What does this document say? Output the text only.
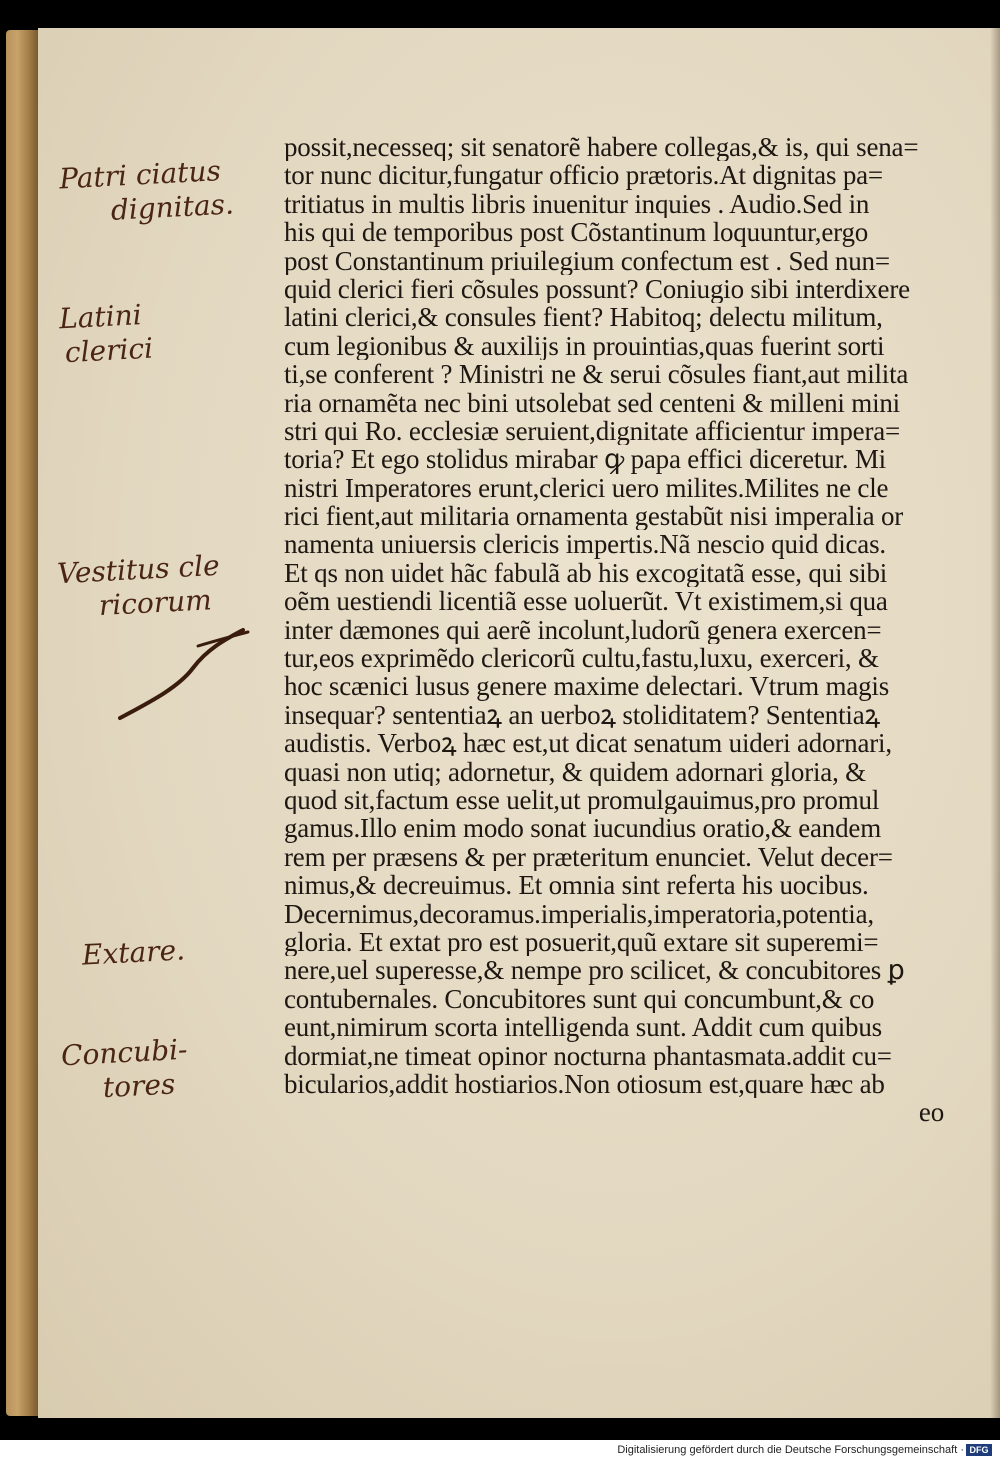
possit,necesseq; sit senatorẽ habere collegas,& is, qui sena=
tor nunc dicitur,fungatur officio prætoris.At dignitas pa=
tritiatus in multis libris inuenitur inquies . Audio.Sed in
his qui de temporibus post Cõstantinum loquuntur,ergo
post Constantinum priuilegium confectum est . Sed nun=
quid clerici fieri cõsules possunt? Coniugio sibi interdixere
latini clerici,& consules fient? Habitoq; delectu militum,
cum legionibus & auxilijs in prouintias,quas fuerint sorti
ti,se conferent ? Ministri ne & serui cõsules fiant,aut milita
ria ornamẽta nec bini utsolebat sed centeni & milleni mini
stri qui Ro. ecclesiæ seruient,dignitate afficientur impera=
toria? Et ego stolidus mirabar ꝙ papa effici diceretur. Mi
nistri Imperatores erunt,clerici uero milites.Milites ne cle
rici fient,aut militaria ornamenta gestabũt nisi imperalia or
namenta uniuersis clericis impertis.Nã nescio quid dicas.
Et qs non uidet hãc fabulã ab his excogitatã esse, qui sibi
oẽm uestiendi licentiã esse uoluerũt. Vt existimem,si qua
inter dæmones qui aerẽ incolunt,ludorũ genera exercen=
tur,eos exprimẽdo clericorũ cultu,fastu,luxu, exerceri, &
hoc scænici lusus genere maxime delectari. Vtrum magis
insequar? sententiaꝝ an uerboꝝ stoliditatem? Sententiaꝝ
audistis. Verboꝝ hæc est,ut dicat senatum uideri adornari,
quasi non utiq; adornetur, & quidem adornari gloria, &
quod sit,factum esse uelit,ut promulgauimus,pro promul
gamus.Illo enim modo sonat iucundius oratio,& eandem
rem per præsens & per præteritum enunciet. Velut decer=
nimus,& decreuimus. Et omnia sint referta his uocibus.
Decernimus,decoramus.imperialis,imperatoria,potentia,
gloria. Et extat pro est posuerit,quũ extare sit superemi=
nere,uel superesse,& nempe pro scilicet, & concubitores ꝑ
contubernales. Concubitores sunt qui concumbunt,& co
eunt,nimirum scorta intelligenda sunt. Addit cum quibus
dormiat,ne timeat opinor nocturna phantasmata.addit cu=
bicularios,addit hostiarios.Non otiosum est,quare hæc ab
eo
Patri ciatus
dignitas.
Latini
clerici
Vestitus cle
ricorum
Extare.
Concubi-
tores
Digitalisierung gefördert durch die Deutsche Forschungsgemeinschaft · DFG
